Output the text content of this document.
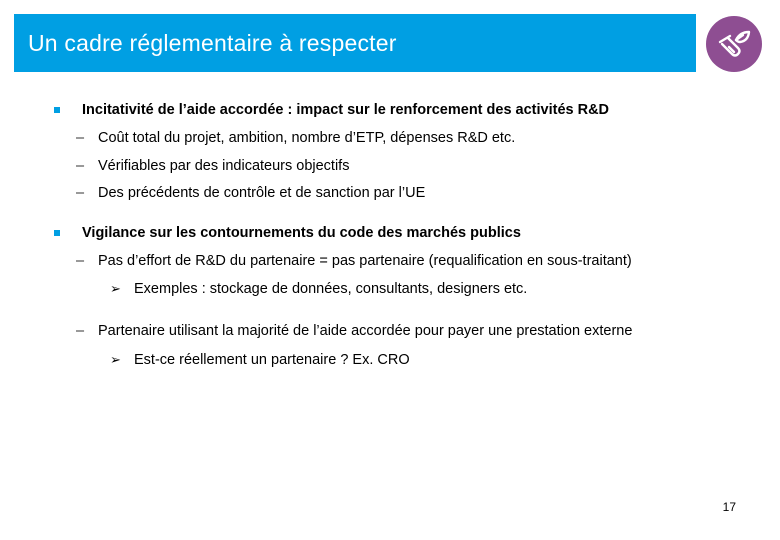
Un cadre réglementaire à respecter
Incitativité de l’aide accordée : impact sur le renforcement des activités R&D
– Coût total du projet, ambition, nombre d’ETP, dépenses R&D etc.
– Vérifiables par des indicateurs objectifs
– Des précédents de contrôle et de sanction par l’UE
Vigilance sur les contournements du code des marchés publics
– Pas d’effort de R&D du partenaire = pas partenaire (requalification en sous-traitant)
➢ Exemples : stockage de données, consultants, designers etc.
– Partenaire utilisant la majorité de l’aide accordée pour payer une prestation externe
➢ Est-ce réellement un partenaire ? Ex. CRO
17
